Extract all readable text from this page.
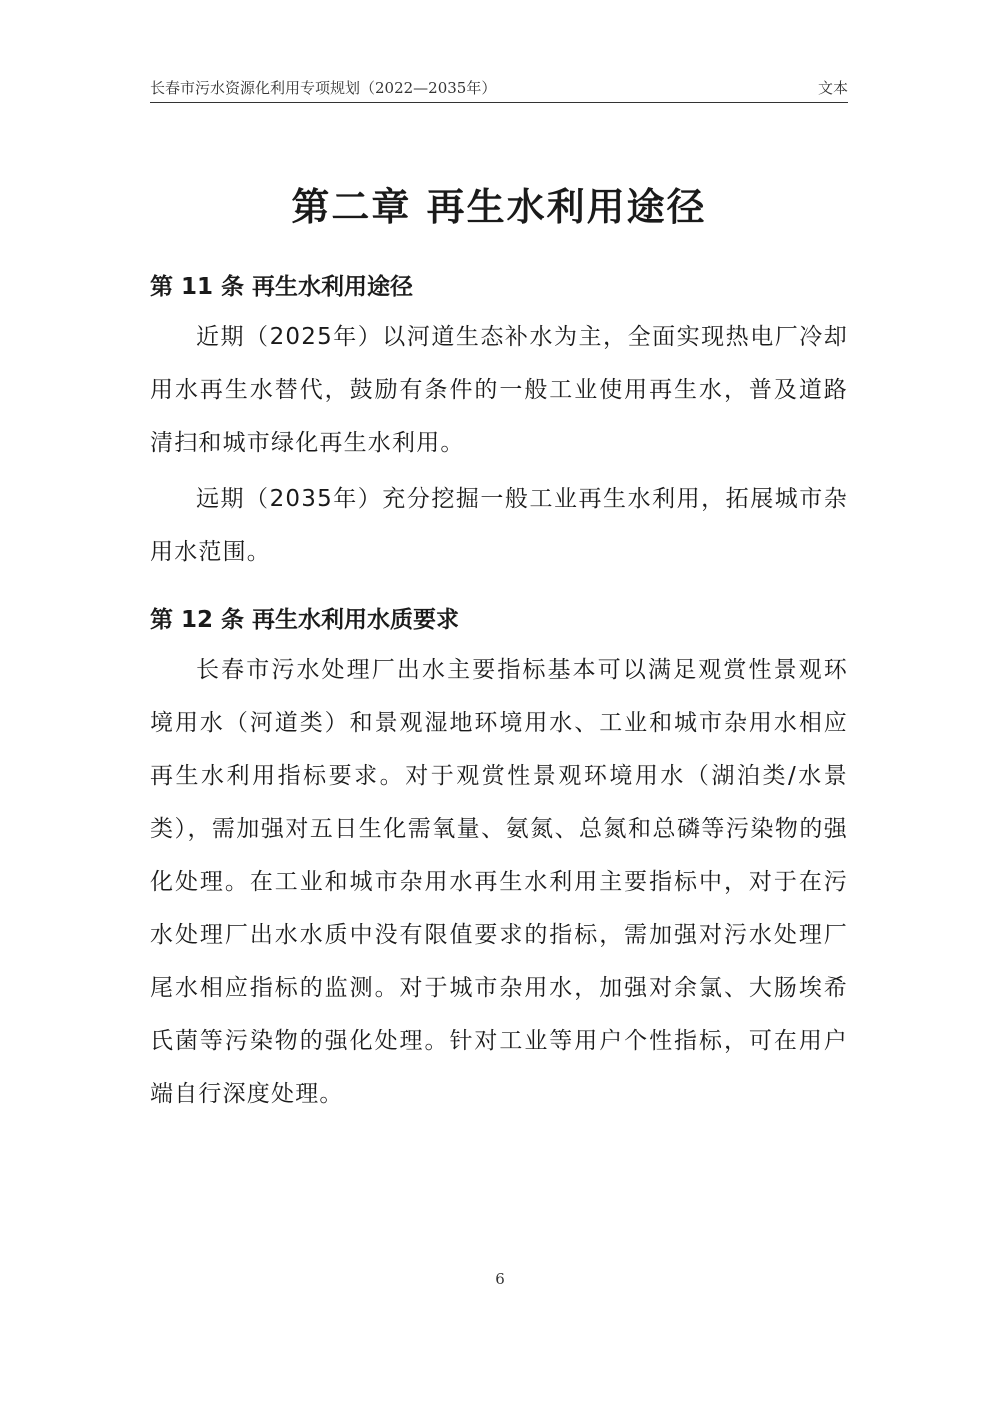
长春市污水资源化利用专项规划（2022—2035年）	文本
第二章 再生水利用途径
第 11 条 再生水利用途径

近期（2025年）以河道生态补水为主，全面实现热电厂冷却用水再生水替代，鼓励有条件的一般工业使用再生水，普及道路清扫和城市绿化再生水利用。

远期（2035年）充分挖掘一般工业再生水利用，拓展城市杂用水范围。

第 12 条 再生水利用水质要求

长春市污水处理厂出水主要指标基本可以满足观赏性景观环境用水（河道类）和景观湿地环境用水、工业和城市杂用水相应再生水利用指标要求。对于观赏性景观环境用水（湖泊类/水景类），需加强对五日生化需氧量、氨氮、总氮和总磷等污染物的强化处理。在工业和城市杂用水再生水利用主要指标中，对于在污水处理厂出水水质中没有限值要求的指标，需加强对污水处理厂尾水相应指标的监测。对于城市杂用水，加强对余氯、大肠埃希氏菌等污染物的强化处理。针对工业等用户个性指标，可在用户端自行深度处理。

6
